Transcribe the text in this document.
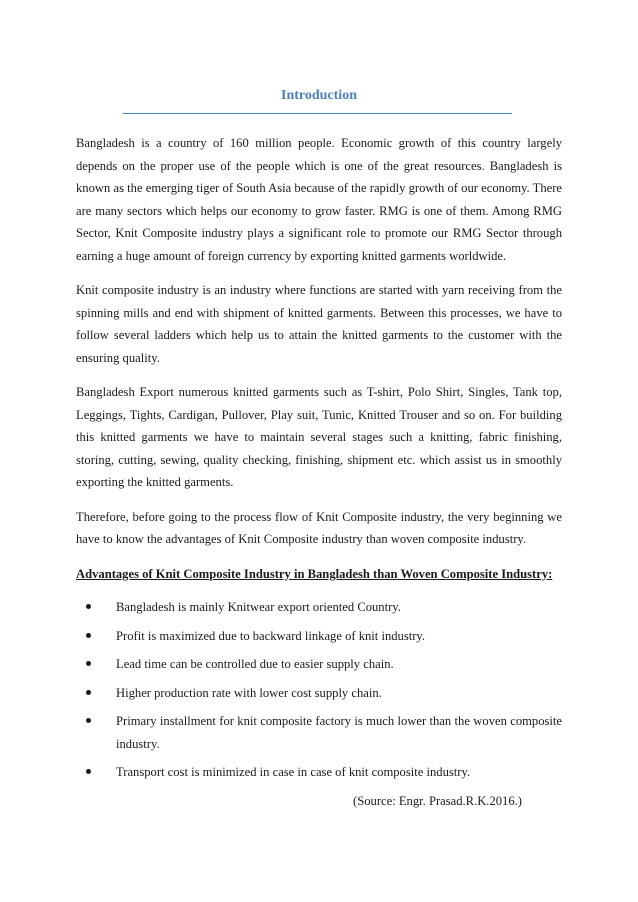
Introduction

Bangladesh is a country of 160 million people. Economic growth of this country largely depends on the proper use of the people which is one of the great resources. Bangladesh is known as the emerging tiger of South Asia because of the rapidly growth of our economy. There are many sectors which helps our economy to grow faster. RMG is one of them. Among RMG Sector, Knit Composite industry plays a significant role to promote our RMG Sector through earning a huge amount of foreign currency by exporting knitted garments worldwide.

Knit composite industry is an industry where functions are started with yarn receiving from the spinning mills and end with shipment of knitted garments. Between this processes, we have to follow several ladders which help us to attain the knitted garments to the customer with the ensuring quality.

Bangladesh Export numerous knitted garments such as T-shirt, Polo Shirt, Singles, Tank top, Leggings, Tights, Cardigan, Pullover, Play suit, Tunic, Knitted Trouser and so on. For building this knitted garments we have to maintain several stages such a knitting, fabric finishing, storing, cutting, sewing, quality checking, finishing, shipment etc. which assist us in smoothly exporting the knitted garments.

Therefore, before going to the process flow of Knit Composite industry, the very beginning we have to know the advantages of Knit Composite industry than woven composite industry.

Advantages of Knit Composite Industry in Bangladesh than Woven Composite Industry:
Bangladesh is mainly Knitwear export oriented Country.
Profit is maximized due to backward linkage of knit industry.
Lead time can be controlled due to easier supply chain.
Higher production rate with lower cost supply chain.
Primary installment for knit composite factory is much lower than the woven composite industry.
Transport cost is minimized in case in case of knit composite industry.
(Source: Engr. Prasad.R.K.2016.)
